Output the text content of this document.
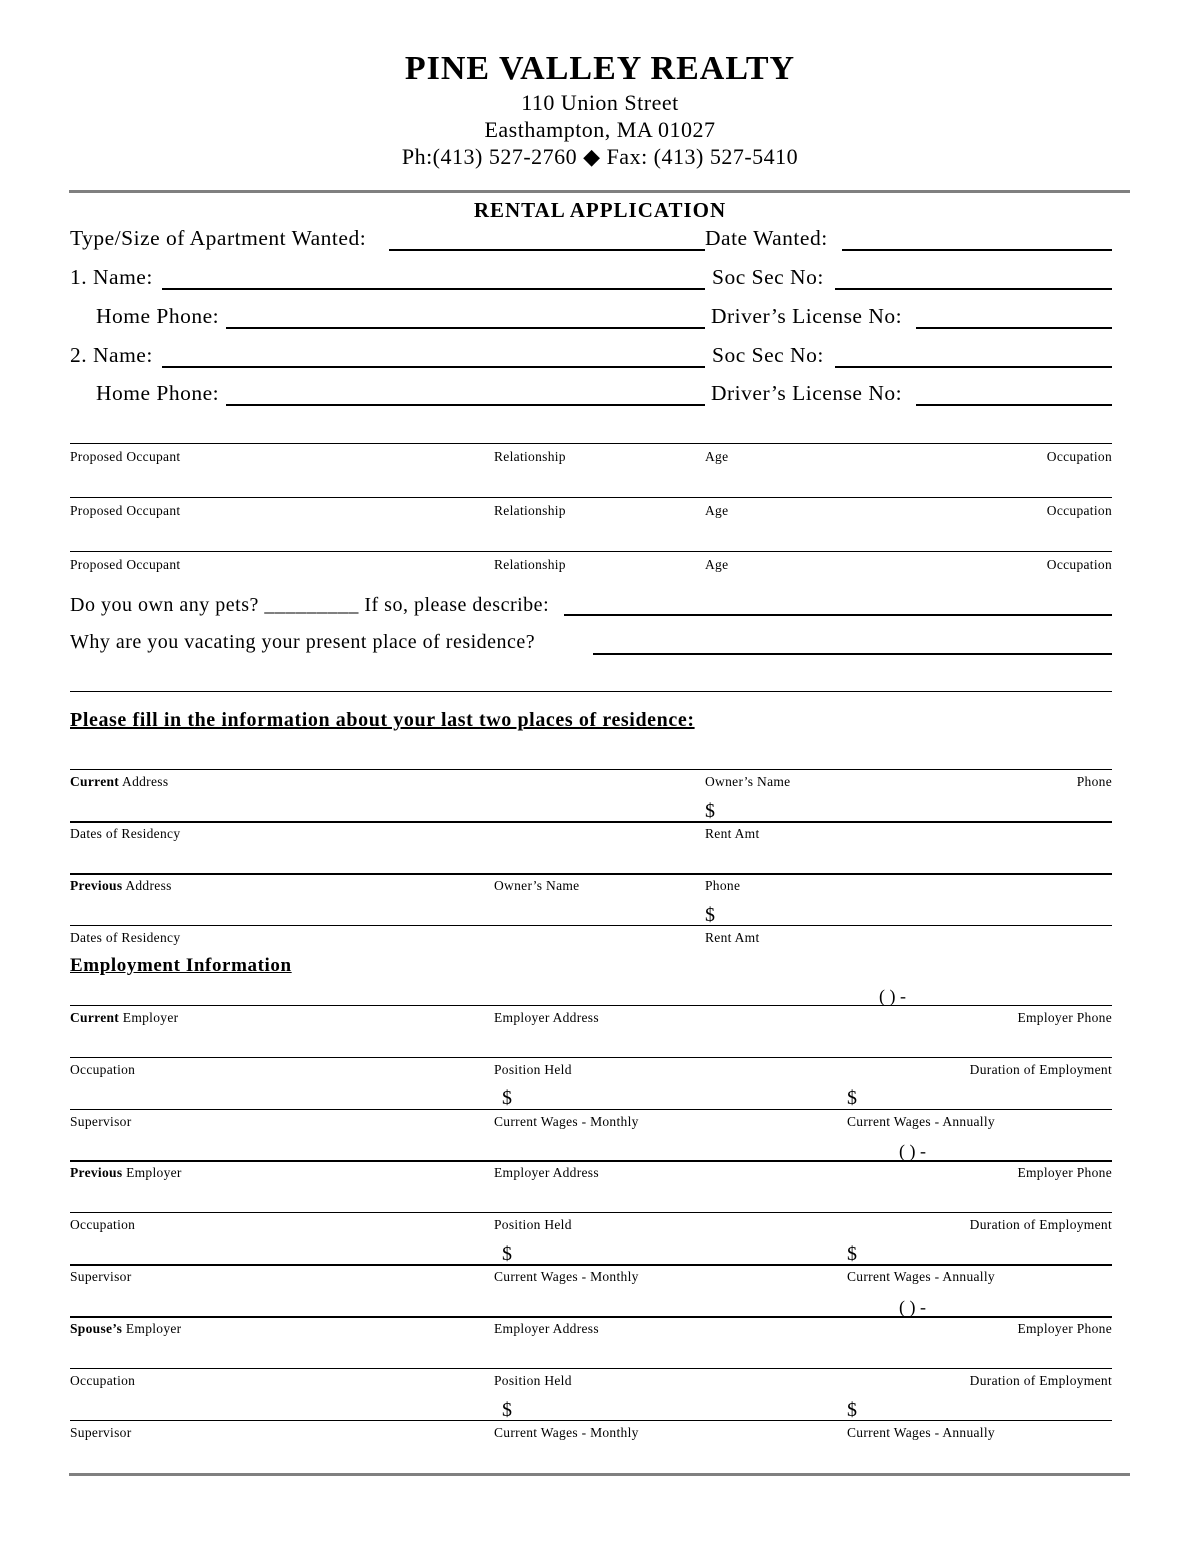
PINE VALLEY REALTY
110 Union Street
Easthampton, MA 01027
Ph:(413) 527-2760 ◆ Fax: (413) 527-5410
RENTAL APPLICATION
Type/Size of Apartment Wanted:	Date Wanted:
1. Name:	Soc Sec No:
Home Phone:	Driver’s License No:
2. Name:	Soc Sec No:
Home Phone:	Driver’s License No:
Proposed Occupant	Relationship	Age	Occupation
Proposed Occupant	Relationship	Age	Occupation
Proposed Occupant	Relationship	Age	Occupation
Do you own any pets? _________ If so, please describe:
Why are you vacating your present place of residence?
Please fill in the information about your last two places of residence:
Current Address	Owner’s Name	Phone
$
Dates of Residency	Rent Amt
Previous Address	Owner’s Name	Phone
$
Dates of Residency	Rent Amt
Employment Information
( ) -
Current Employer	Employer Address	Employer Phone
Occupation	Position Held	Duration of Employment
$	$
Supervisor	Current Wages - Monthly	Current Wages - Annually
( ) -
Previous Employer	Employer Address	Employer Phone
Occupation	Position Held	Duration of Employment
$	$
Supervisor	Current Wages - Monthly	Current Wages - Annually
( ) -
Spouse’s Employer	Employer Address	Employer Phone
Occupation	Position Held	Duration of Employment
$	$
Supervisor	Current Wages - Monthly	Current Wages - Annually
